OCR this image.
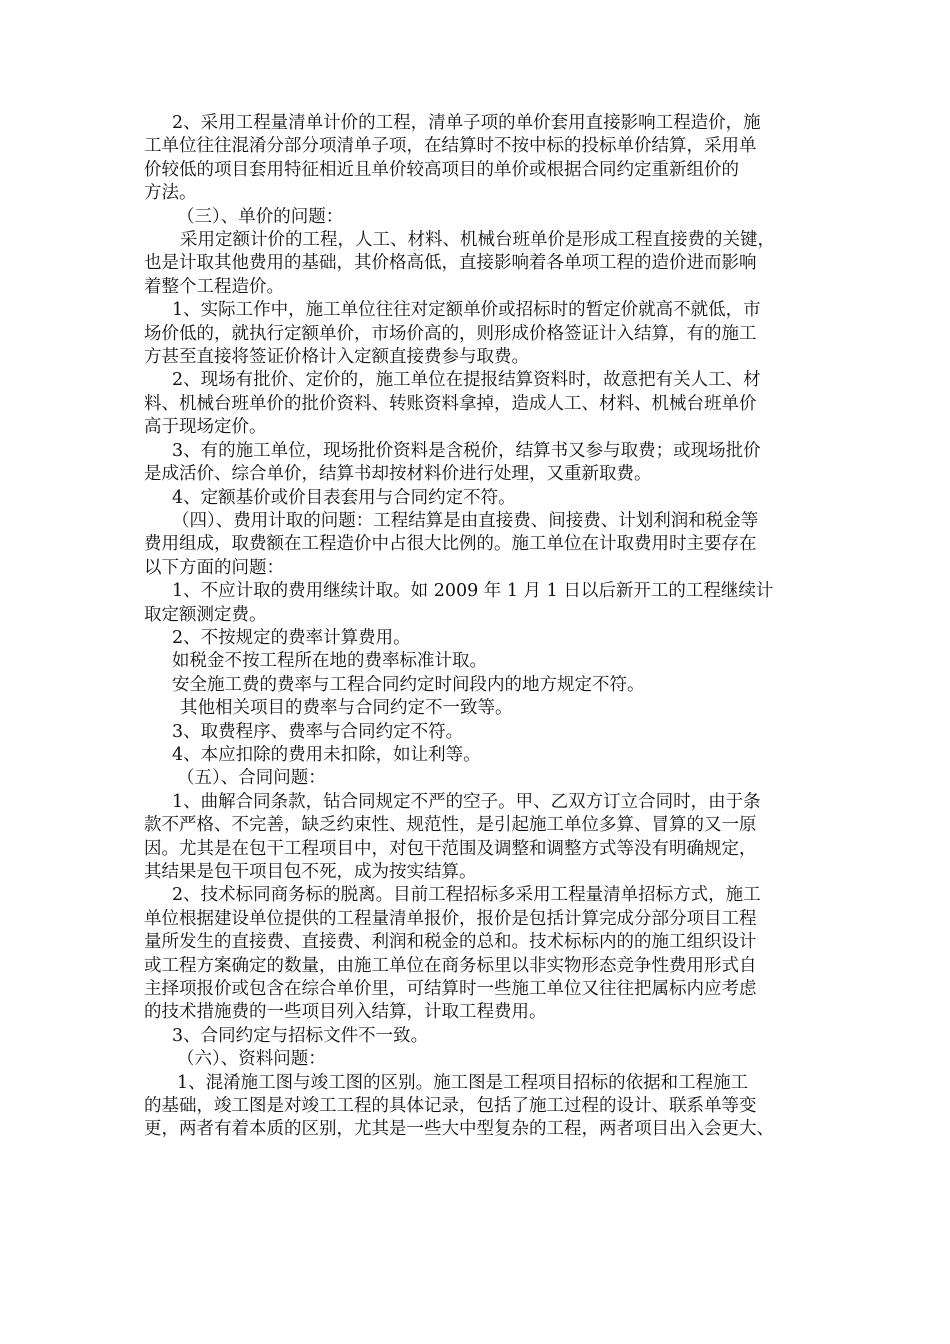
2、采用工程量清单计价的工程，清单子项的单价套用直接影响工程造价，施
工单位往往混淆分部分项清单子项，在结算时不按中标的投标单价结算，采用单
价较低的项目套用特征相近且单价较高项目的单价或根据合同约定重新组价的
方法。
（三）、单价的问题：
采用定额计价的工程，人工、材料、机械台班单价是形成工程直接费的关键，
也是计取其他费用的基础，其价格高低，直接影响着各单项工程的造价进而影响
着整个工程造价。
1、实际工作中，施工单位往往对定额单价或招标时的暂定价就高不就低，市
场价低的，就执行定额单价，市场价高的，则形成价格签证计入结算，有的施工
方甚至直接将签证价格计入定额直接费参与取费。
2、现场有批价、定价的，施工单位在提报结算资料时，故意把有关人工、材
料、机械台班单价的批价资料、转账资料拿掉，造成人工、材料、机械台班单价
高于现场定价。
3、有的施工单位，现场批价资料是含税价，结算书又参与取费；或现场批价
是成活价、综合单价，结算书却按材料价进行处理，又重新取费。
4、定额基价或价目表套用与合同约定不符。
（四）、费用计取的问题：工程结算是由直接费、间接费、计划利润和税金等
费用组成，取费额在工程造价中占很大比例的。施工单位在计取费用时主要存在
以下方面的问题：
1、不应计取的费用继续计取。如 2009 年 1 月 1 日以后新开工的工程继续计
取定额测定费。
2、不按规定的费率计算费用。
如税金不按工程所在地的费率标准计取。
安全施工费的费率与工程合同约定时间段内的地方规定不符。
其他相关项目的费率与合同约定不一致等。
3、取费程序、费率与合同约定不符。
4、本应扣除的费用未扣除，如让利等。
（五）、合同问题：
1、曲解合同条款，钻合同规定不严的空子。甲、乙双方订立合同时，由于条
款不严格、不完善，缺乏约束性、规范性，是引起施工单位多算、冒算的又一原
因。尤其是在包干工程项目中，对包干范围及调整和调整方式等没有明确规定，
其结果是包干项目包不死，成为按实结算。
2、技术标同商务标的脱离。目前工程招标多采用工程量清单招标方式，施工
单位根据建设单位提供的工程量清单报价，报价是包括计算完成分部分项目工程
量所发生的直接费、直接费、利润和税金的总和。技术标标内的的施工组织设计
或工程方案确定的数量，由施工单位在商务标里以非实物形态竞争性费用形式自
主择项报价或包含在综合单价里，可结算时一些施工单位又往往把属标内应考虑
的技术措施费的一些项目列入结算，计取工程费用。
3、合同约定与招标文件不一致。
（六）、资料问题：
1、混淆施工图与竣工图的区别。施工图是工程项目招标的依据和工程施工
的基础，竣工图是对竣工工程的具体记录，包括了施工过程的设计、联系单等变
更，两者有着本质的区别，尤其是一些大中型复杂的工程，两者项目出入会更大、
